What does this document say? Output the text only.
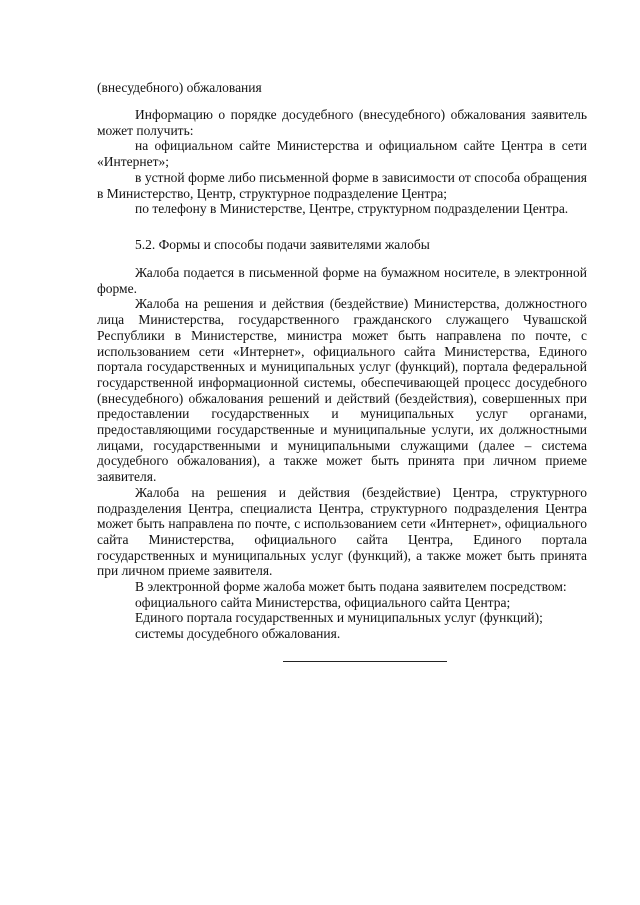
(внесудебного) обжалования

Информацию о порядке досудебного (внесудебного) обжалования заявитель может получить:

на официальном сайте Министерства и официальном сайте Центра в сети «Интернет»;

в устной форме либо письменной форме в зависимости от способа обращения в Министерство, Центр, структурное подразделение Центра;

по телефону в Министерстве, Центре, структурном подразделении Центра.

5.2. Формы и способы подачи заявителями жалобы

Жалоба подается в письменной форме на бумажном носителе, в электронной форме.

Жалоба на решения и действия (бездействие) Министерства, должностного лица Министерства, государственного гражданского служащего Чувашской Республики в Министерстве, министра может быть направлена по почте, с использованием сети «Интернет», официального сайта Министерства, Единого портала государственных и муниципальных услуг (функций), портала федеральной государственной информационной системы, обеспечивающей процесс досудебного (внесудебного) обжалования решений и действий (бездействия), совершенных при предоставлении государственных и муниципальных услуг органами, предоставляющими государственные и муниципальные услуги, их должностными лицами, государственными и муниципальными служащими (далее – система досудебного обжалования), а также может быть принята при личном приеме заявителя.

Жалоба на решения и действия (бездействие) Центра, структурного подразделения Центра, специалиста Центра, структурного подразделения Центра может быть направлена по почте, с использованием сети «Интернет», официального сайта Министерства, официального сайта Центра, Единого портала государственных и муниципальных услуг (функций), а также может быть принята при личном приеме заявителя.

В электронной форме жалоба может быть подана заявителем посредством:

официального сайта Министерства, официального сайта Центра;

Единого портала государственных и муниципальных услуг (функций);

системы досудебного обжалования.
